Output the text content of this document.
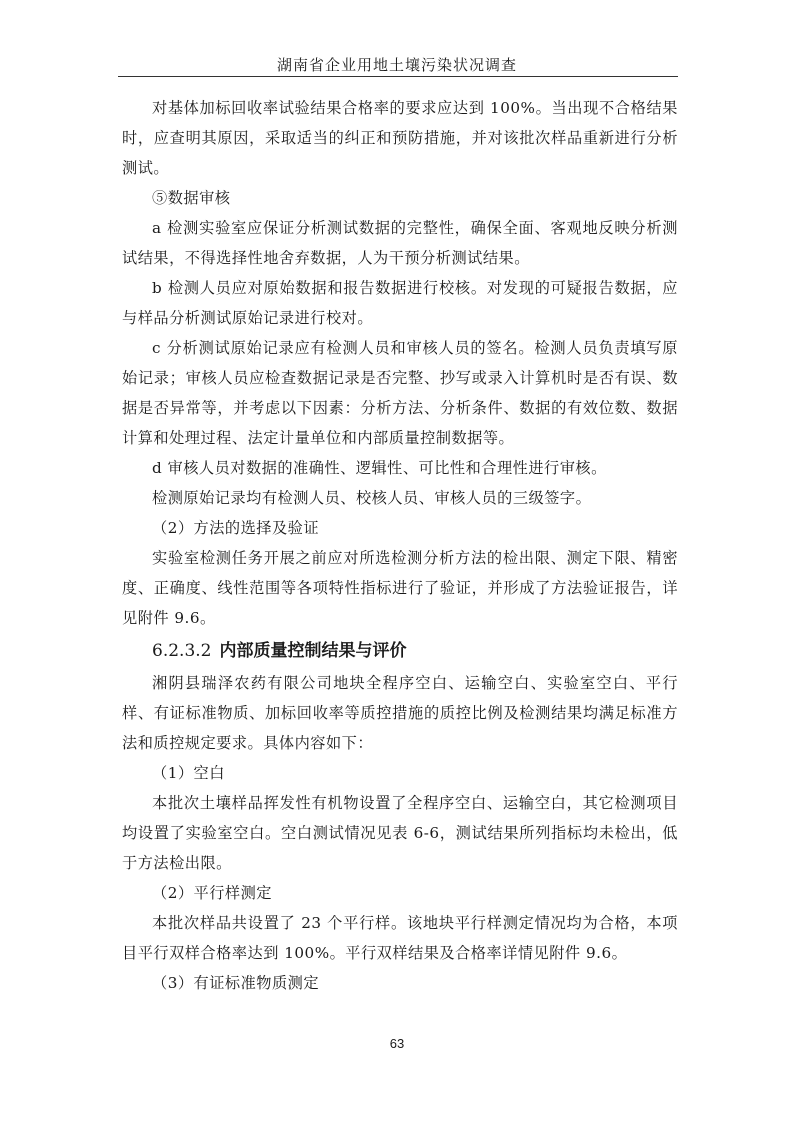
湖南省企业用地土壤污染状况调查

对基体加标回收率试验结果合格率的要求应达到 100%。当出现不合格结果时，应查明其原因，采取适当的纠正和预防措施，并对该批次样品重新进行分析测试。

⑤数据审核

a 检测实验室应保证分析测试数据的完整性，确保全面、客观地反映分析测试结果，不得选择性地舍弃数据，人为干预分析测试结果。

b 检测人员应对原始数据和报告数据进行校核。对发现的可疑报告数据，应与样品分析测试原始记录进行校对。

c 分析测试原始记录应有检测人员和审核人员的签名。检测人员负责填写原始记录；审核人员应检查数据记录是否完整、抄写或录入计算机时是否有误、数据是否异常等，并考虑以下因素：分析方法、分析条件、数据的有效位数、数据计算和处理过程、法定计量单位和内部质量控制数据等。

d 审核人员对数据的准确性、逻辑性、可比性和合理性进行审核。

检测原始记录均有检测人员、校核人员、审核人员的三级签字。

（2）方法的选择及验证

实验室检测任务开展之前应对所选检测分析方法的检出限、测定下限、精密度、正确度、线性范围等各项特性指标进行了验证，并形成了方法验证报告，详见附件 9.6。

6.2.3.2 内部质量控制结果与评价

湘阴县瑞泽农药有限公司地块全程序空白、运输空白、实验室空白、平行样、有证标准物质、加标回收率等质控措施的质控比例及检测结果均满足标准方法和质控规定要求。具体内容如下：

（1）空白

本批次土壤样品挥发性有机物设置了全程序空白、运输空白，其它检测项目均设置了实验室空白。空白测试情况见表 6-6，测试结果所列指标均未检出，低于方法检出限。

（2）平行样测定

本批次样品共设置了 23 个平行样。该地块平行样测定情况均为合格，本项目平行双样合格率达到 100%。平行双样结果及合格率详情见附件 9.6。

（3）有证标准物质测定

63
